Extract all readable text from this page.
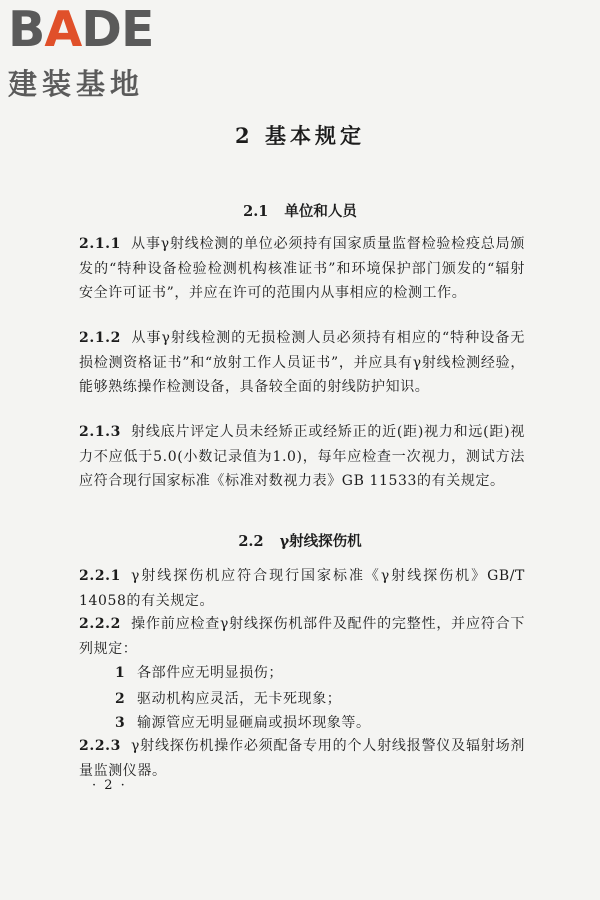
BADE
建装基地
2 基本规定
2.1 单位和人员
2.1.1 从事γ射线检测的单位必须持有国家质量监督检验检疫总局颁发的“特种设备检验检测机构核准证书”和环境保护部门颁发的“辐射安全许可证书”，并应在许可的范围内从事相应的检测工作。
2.1.2 从事γ射线检测的无损检测人员必须持有相应的“特种设备无损检测资格证书”和“放射工作人员证书”，并应具有γ射线检测经验，能够熟练操作检测设备，具备较全面的射线防护知识。
2.1.3 射线底片评定人员未经矫正或经矫正的近(距)视力和远(距)视力不应低于5.0(小数记录值为1.0)，每年应检查一次视力，测试方法应符合现行国家标准《标准对数视力表》GB 11533的有关规定。
2.2 γ射线探伤机
2.2.1 γ射线探伤机应符合现行国家标准《γ射线探伤机》GB/T 14058的有关规定。
2.2.2 操作前应检查γ射线探伤机部件及配件的完整性，并应符合下列规定：
1 各部件应无明显损伤；
2 驱动机构应灵活，无卡死现象；
3 输源管应无明显砸扁或损坏现象等。
2.2.3 γ射线探伤机操作必须配备专用的个人射线报警仪及辐射场剂量监测仪器。
· 2 ·
